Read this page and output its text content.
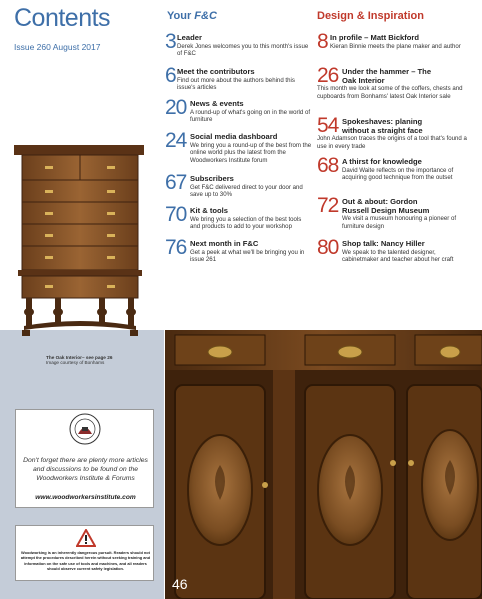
Contents
Issue 260 August 2017
Your F&C	Design & Inspiration
3 Leader
Derek Jones welcomes you to this month's issue of F&C
6 Meet the contributors
Find out more about the authors behind this issue's articles
20 News & events
A round-up of what's going on in the world of furniture
24 Social media dashboard
We bring you a round-up of the best from the online world plus the latest from the Woodworkers Institute forum
67 Subscribers
Get F&C delivered direct to your door and save up to 30%
70 Kit & tools
We bring you a selection of the best tools and products to add to your workshop
76 Next month in F&C
Get a peek at what we'll be bringing you in issue 261
8 In profile – Matt Bickford
Kieran Binnie meets the plane maker and author
26 Under the hammer – The Oak Interior
This month we look at some of the coffers, chests and cupboards from Bonhams' latest Oak Interior sale
54 Spokeshaves: planing without a straight face
John Adamson traces the origins of a tool that's found a use in every trade
68 A thirst for knowledge
David Waite reflects on the importance of acquiring good technique from the outset
72 Out & about: Gordon Russell Design Museum
We visit a museum honouring a pioneer of furniture design
80 Shop talk: Nancy Hiller
We speak to the talented designer, cabinetmaker and teacher about her craft
The Oak Interior– see page 26
Image courtesy of Bonhams
Don't forget there are plenty more articles and discussions to be found on the Woodworkers Institute & Forums
www.woodworkersinstitute.com
Woodworking is an inherently dangerous pursuit. Readers should not attempt the procedures described herein without seeking training and information on the safe use of tools and machines, and all readers should observe current safety legislation.
46
